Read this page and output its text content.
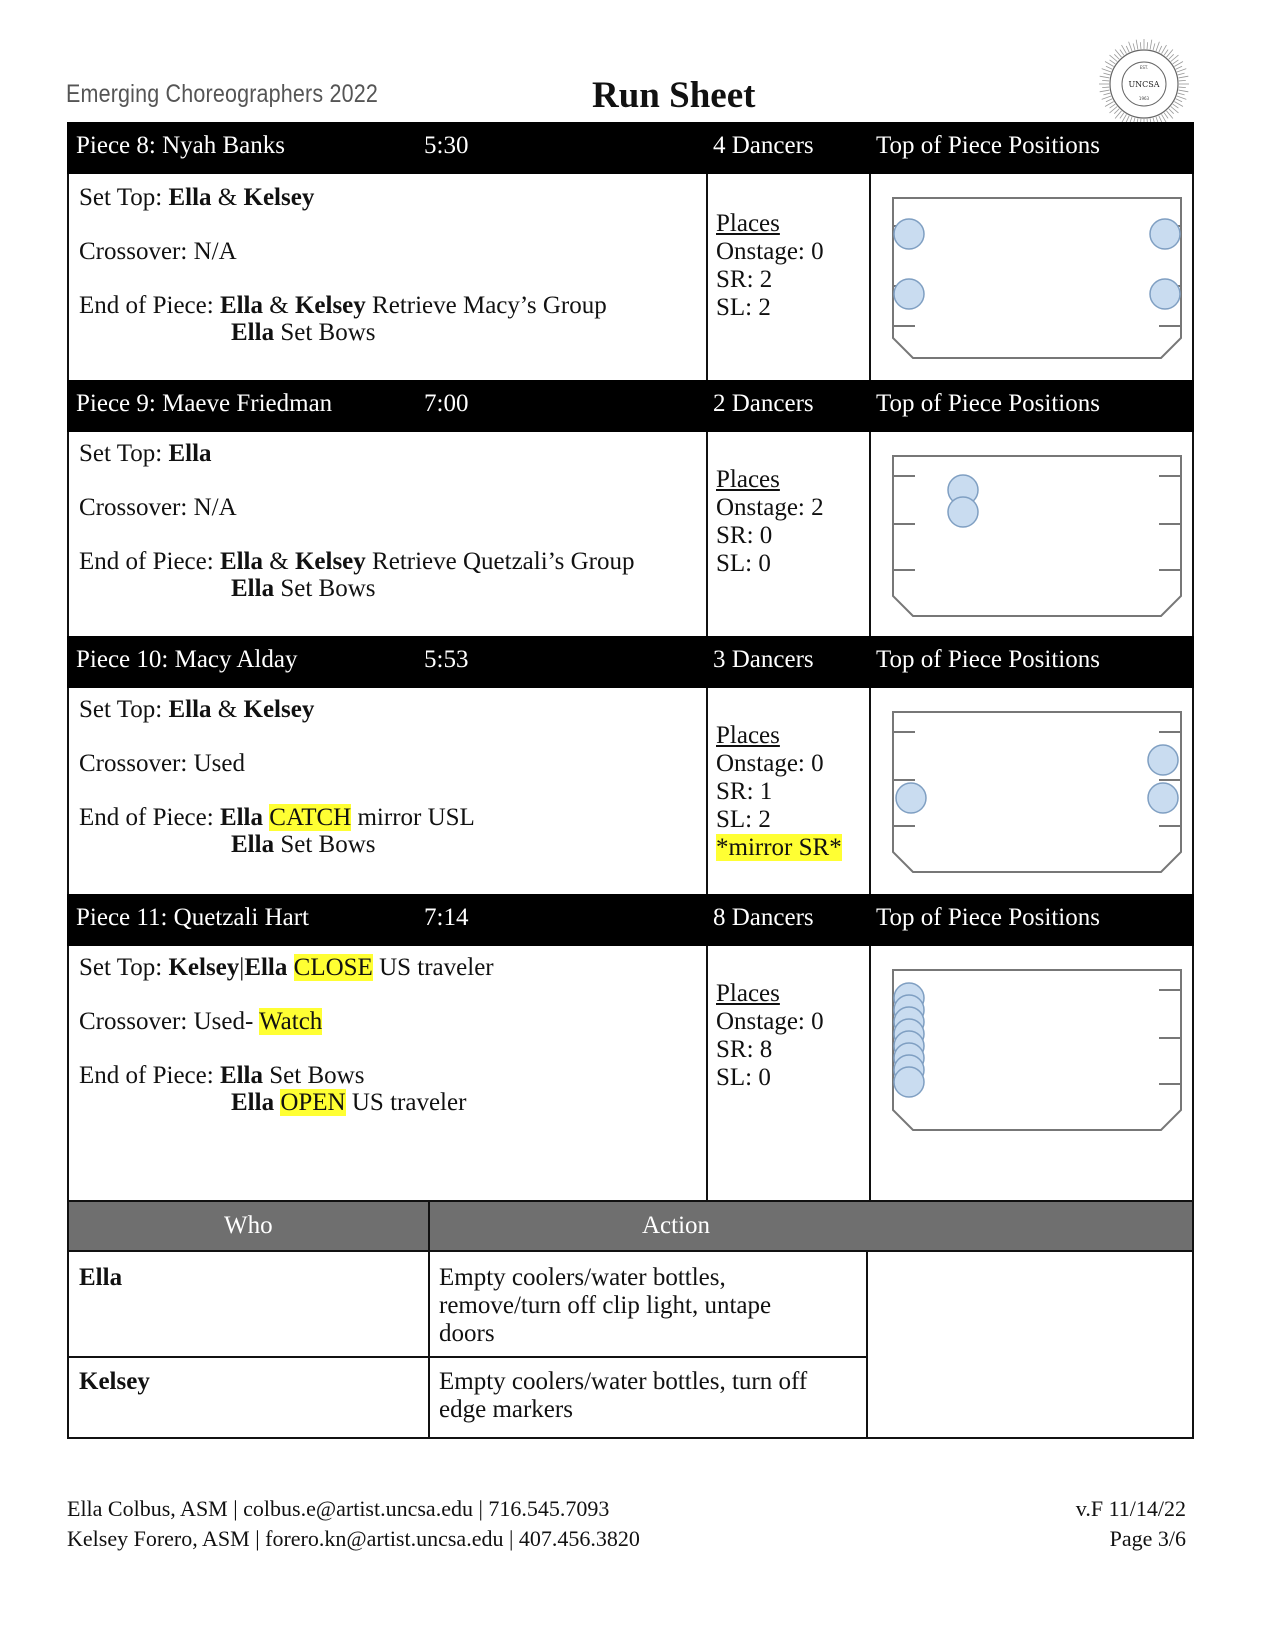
Emerging Choreographers 2022	Run Sheet
EST.
UNCSA
1963
Piece 8: Nyah Banks	5:30	4 Dancers Top of Piece Positions
Set Top: Ella & Kelsey
Crossover: N/A
End of Piece: Ella & Kelsey Retrieve Macy’s Group
Ella Set Bows
Places
Onstage: 0
SR: 2
SL: 2
Piece 9: Maeve Friedman	7:00	2 Dancers Top of Piece Positions
Set Top: Ella
Crossover: N/A
End of Piece: Ella & Kelsey Retrieve Quetzali’s Group
Ella Set Bows
Places
Onstage: 2
SR: 0
SL: 0
Piece 10: Macy Alday	5:53	3 Dancers Top of Piece Positions
Set Top: Ella & Kelsey
Crossover: Used
End of Piece: Ella CATCH mirror USL
Ella Set Bows
Places
Onstage: 0
SR: 1
SL: 2
*mirror SR*
Piece 11: Quetzali Hart	7:14	8 Dancers Top of Piece Positions
Set Top: Kelsey|Ella CLOSE US traveler
Crossover: Used- Watch
End of Piece: Ella Set Bows
Ella OPEN US traveler
Places
Onstage: 0
SR: 8
SL: 0
Who	Action
Ella	Empty coolers/water bottles,
remove/turn off clip light, untape
doors
Kelsey	Empty coolers/water bottles, turn off
edge markers
Ella Colbus, ASM | colbus.e@artist.uncsa.edu | 716.545.7093
Kelsey Forero, ASM | forero.kn@artist.uncsa.edu | 407.456.3820
v.F 11/14/22
Page 3/6
